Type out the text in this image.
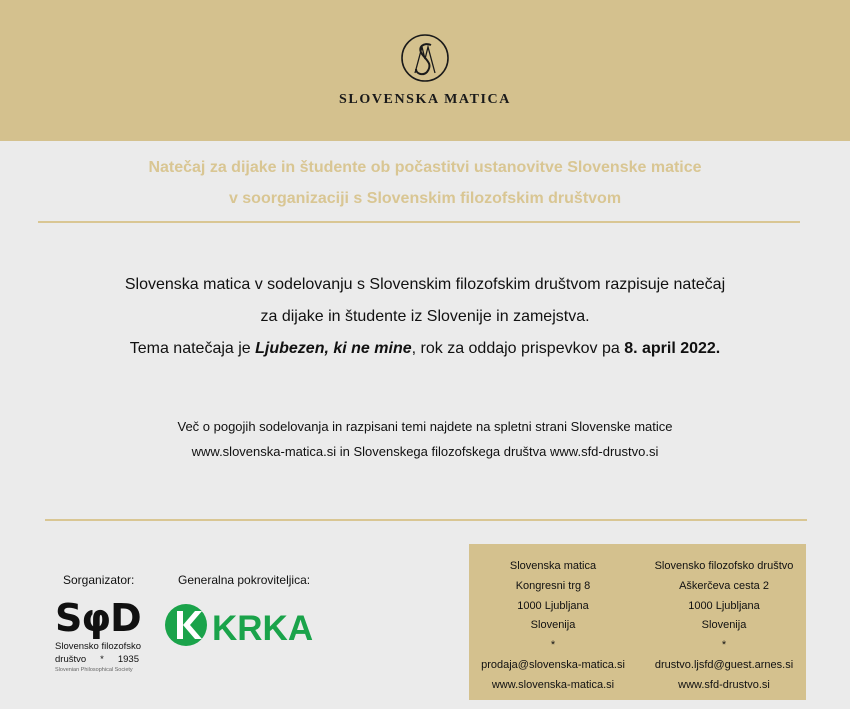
SLOVENSKA MATICA
Natečaj za dijake in študente ob počastitvi ustanovitve Slovenske matice
v soorganizaciji s Slovenskim filozofskim društvom
Slovenska matica v sodelovanju s Slovenskim filozofskim društvom razpisuje natečaj
za dijake in študente iz Slovenije in zamejstva.
Tema natečaja je Ljubezen, ki ne mine, rok za oddajo prispevkov pa 8. april 2022.
Več o pogojih sodelovanja in razpisani temi najdete na spletni strani Slovenske matice
www.slovenska-matica.si in Slovenskega filozofskega društva www.sfd-drustvo.si
Sorganizator:	Generalna pokroviteljica:
SφD
Slovensko filozofsko
društvo * 1935
Slovenian Philosophical Society
KRKA
Slovenska matica
Kongresni trg 8
1000 Ljubljana
Slovenija
*
prodaja@slovenska-matica.si
www.slovenska-matica.si
Slovensko filozofsko društvo
Aškerčeva cesta 2
1000 Ljubljana
Slovenija
*
drustvo.ljsfd@guest.arnes.si
www.sfd-drustvo.si
